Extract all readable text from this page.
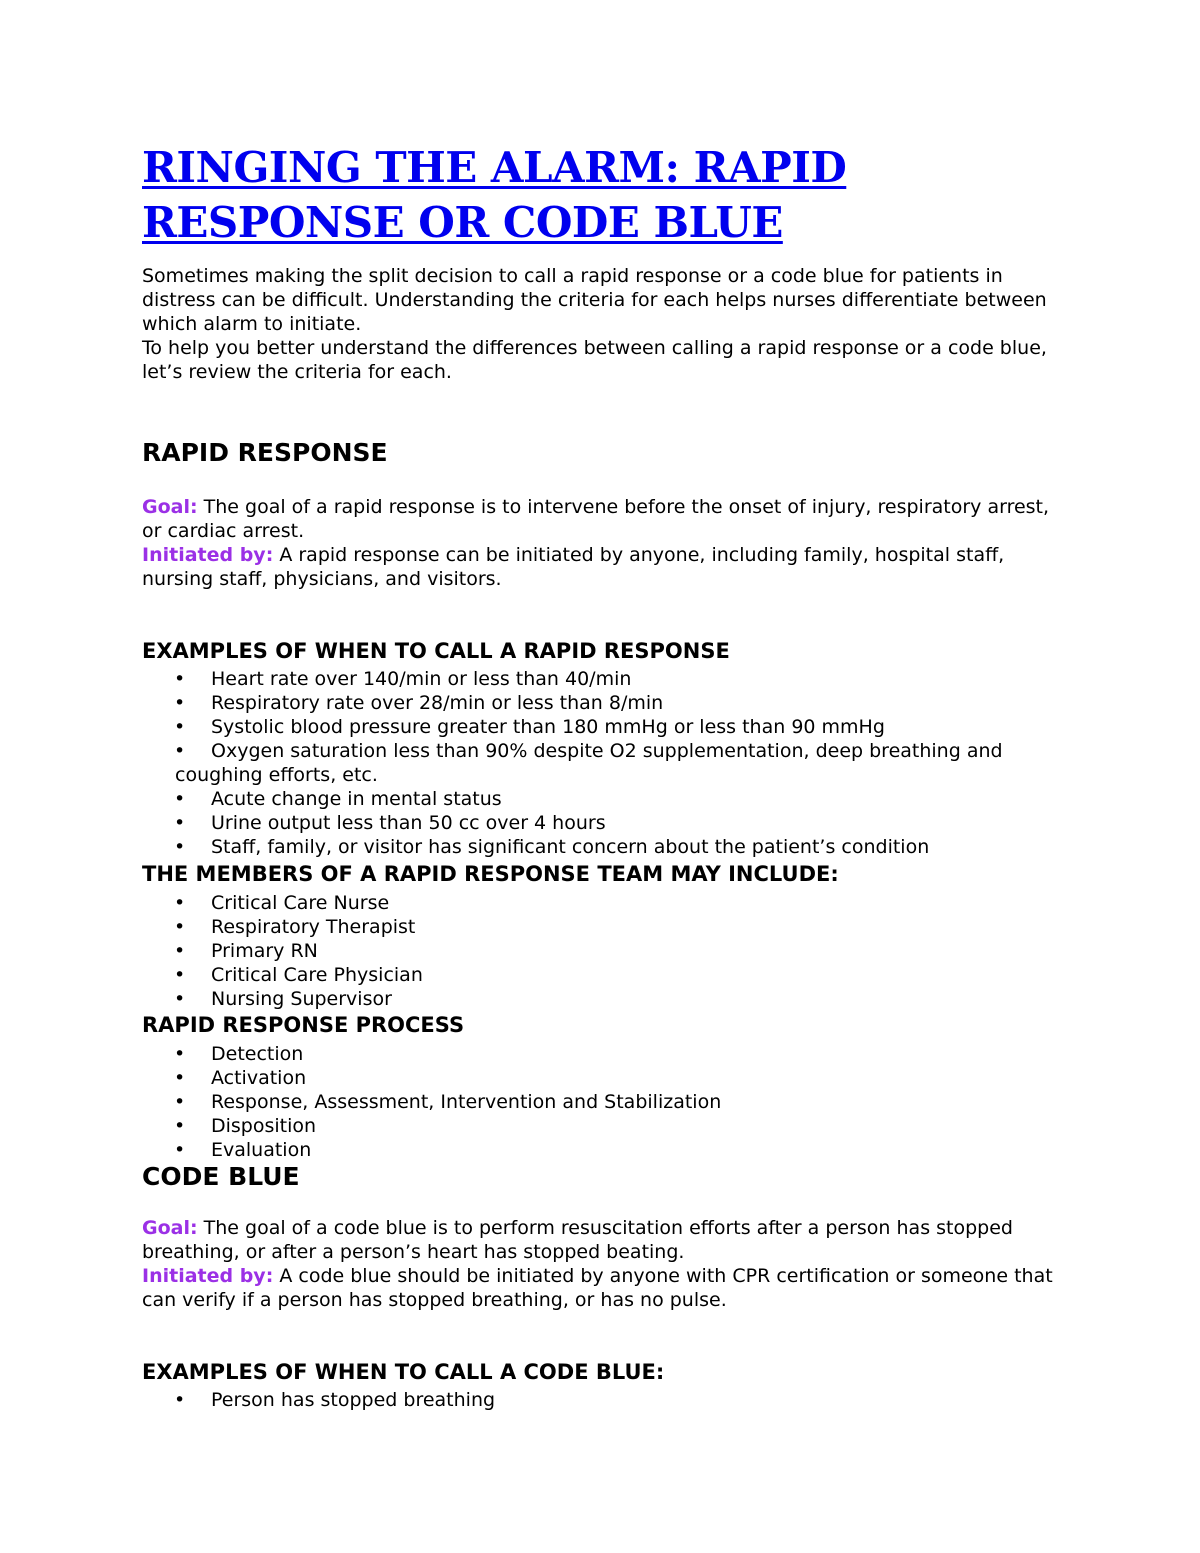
RINGING THE ALARM: RAPID
RESPONSE OR CODE BLUE

Sometimes making the split decision to call a rapid response or a code blue for patients in distress can be difficult. Understanding the criteria for each helps nurses differentiate between which alarm to initiate.

To help you better understand the differences between calling a rapid response or a code blue, let’s review the criteria for each.

RAPID RESPONSE

Goal: The goal of a rapid response is to intervene before the onset of injury, respiratory arrest, or cardiac arrest.

Initiated by: A rapid response can be initiated by anyone, including family, hospital staff, nursing staff, physicians, and visitors.

EXAMPLES OF WHEN TO CALL A RAPID RESPONSE
• Heart rate over 140/min or less than 40/min
• Respiratory rate over 28/min or less than 8/min
• Systolic blood pressure greater than 180 mmHg or less than 90 mmHg
• Oxygen saturation less than 90% despite O2 supplementation, deep breathing and coughing efforts, etc.
• Acute change in mental status
• Urine output less than 50 cc over 4 hours
• Staff, family, or visitor has significant concern about the patient’s condition
THE MEMBERS OF A RAPID RESPONSE TEAM MAY INCLUDE:
• Critical Care Nurse
• Respiratory Therapist
• Primary RN
• Critical Care Physician
• Nursing Supervisor
RAPID RESPONSE PROCESS
• Detection
• Activation
• Response, Assessment, Intervention and Stabilization
• Disposition
• Evaluation
CODE BLUE

Goal: The goal of a code blue is to perform resuscitation efforts after a person has stopped breathing, or after a person’s heart has stopped beating.

Initiated by: A code blue should be initiated by anyone with CPR certification or someone that can verify if a person has stopped breathing, or has no pulse.

EXAMPLES OF WHEN TO CALL A CODE BLUE:
• Person has stopped breathing
